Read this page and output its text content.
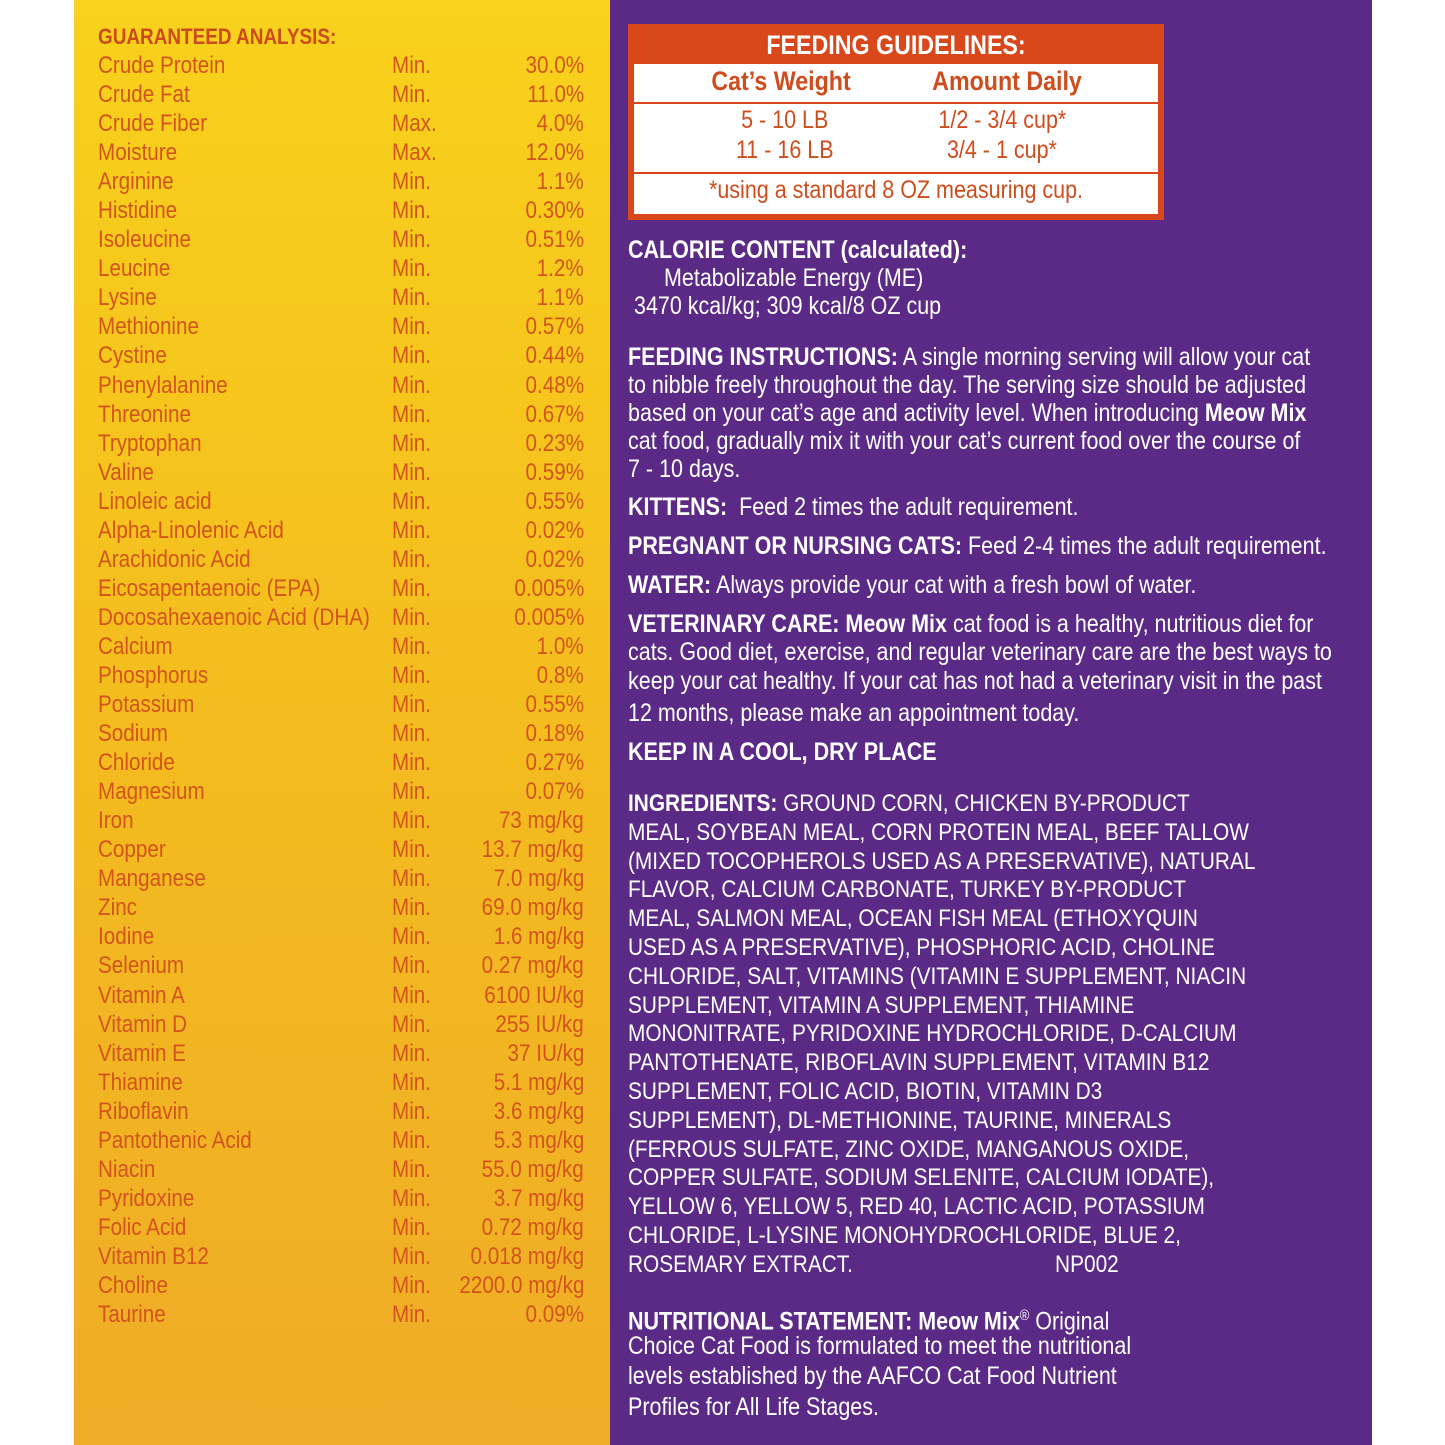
GUARANTEED ANALYSIS:
Crude Protein	Min.	30.0%
Crude Fat	Min.	11.0%
Crude Fiber	Max.	4.0%
Moisture	Max.	12.0%
Arginine	Min.	1.1%
Histidine	Min.	0.30%
Isoleucine	Min.	0.51%
Leucine	Min.	1.2%
Lysine	Min.	1.1%
Methionine	Min.	0.57%
Cystine	Min.	0.44%
Phenylalanine	Min.	0.48%
Threonine	Min.	0.67%
Tryptophan	Min.	0.23%
Valine	Min.	0.59%
Linoleic acid	Min.	0.55%
Alpha-Linolenic Acid	Min.	0.02%
Arachidonic Acid	Min.	0.02%
Eicosapentaenoic (EPA)	Min.	0.005%
Docosahexaenoic Acid (DHA) Min.	0.005%
Calcium	Min.	1.0%
Phosphorus	Min.	0.8%
Potassium	Min.	0.55%
Sodium	Min.	0.18%
Chloride	Min.	0.27%
Magnesium	Min.	0.07%
Iron	Min.	73 mg/kg
Copper	Min. 13.7 mg/kg
Manganese	Min.	7.0 mg/kg
Zinc	Min. 69.0 mg/kg
Iodine	Min.	1.6 mg/kg
Selenium	Min. 0.27 mg/kg
Vitamin A	Min. 6100 IU/kg
Vitamin D	Min.	255 IU/kg
Vitamin E	Min.	37 IU/kg
Thiamine	Min.	5.1 mg/kg
Riboflavin	Min.	3.6 mg/kg
Pantothenic Acid	Min.	5.3 mg/kg
Niacin	Min. 55.0 mg/kg
Pyridoxine	Min.	3.7 mg/kg
Folic Acid	Min. 0.72 mg/kg
Vitamin B12	Min. 0.018 mg/kg
Choline	Min. 2200.0 mg/kg
Taurine	Min.	0.09%
FEEDING GUIDELINES:
Cat’s Weight	Amount Daily
5 - 10 LB	1/2 - 3/4 cup*
11 - 16 LB	3/4 - 1 cup*
*using a standard 8 OZ measuring cup.
CALORIE CONTENT (calculated):
Metabolizable Energy (ME)
3470 kcal/kg; 309 kcal/8 OZ cup
FEEDING INSTRUCTIONS: A single morning serving will allow your cat
to nibble freely throughout the day. The serving size should be adjusted
based on your cat’s age and activity level. When introducing Meow Mix
cat food, gradually mix it with your cat’s current food over the course of
7 - 10 days.
KITTENS:  Feed 2 times the adult requirement.
PREGNANT OR NURSING CATS: Feed 2-4 times the adult requirement.
WATER: Always provide your cat with a fresh bowl of water.
VETERINARY CARE: Meow Mix cat food is a healthy, nutritious diet for
cats. Good diet, exercise, and regular veterinary care are the best ways to
keep your cat healthy. If your cat has not had a veterinary visit in the past
12 months, please make an appointment today.
KEEP IN A COOL, DRY PLACE
INGREDIENTS: GROUND CORN, CHICKEN BY-PRODUCT
MEAL, SOYBEAN MEAL, CORN PROTEIN MEAL, BEEF TALLOW
(MIXED TOCOPHEROLS USED AS A PRESERVATIVE), NATURAL
FLAVOR, CALCIUM CARBONATE, TURKEY BY-PRODUCT
MEAL, SALMON MEAL, OCEAN FISH MEAL (ETHOXYQUIN
USED AS A PRESERVATIVE), PHOSPHORIC ACID, CHOLINE
CHLORIDE, SALT, VITAMINS (VITAMIN E SUPPLEMENT, NIACIN
SUPPLEMENT, VITAMIN A SUPPLEMENT, THIAMINE
MONONITRATE, PYRIDOXINE HYDROCHLORIDE, D-CALCIUM
PANTOTHENATE, RIBOFLAVIN SUPPLEMENT, VITAMIN B12
SUPPLEMENT, FOLIC ACID, BIOTIN, VITAMIN D3
SUPPLEMENT), DL-METHIONINE, TAURINE, MINERALS
(FERROUS SULFATE, ZINC OXIDE, MANGANOUS OXIDE,
COPPER SULFATE, SODIUM SELENITE, CALCIUM IODATE),
YELLOW 6, YELLOW 5, RED 40, LACTIC ACID, POTASSIUM
CHLORIDE, L-LYSINE MONOHYDROCHLORIDE, BLUE 2,
ROSEMARY EXTRACT.	NP002
NUTRITIONAL STATEMENT: Meow Mix® Original
Choice Cat Food is formulated to meet the nutritional
levels established by the AAFCO Cat Food Nutrient
Profiles for All Life Stages.
